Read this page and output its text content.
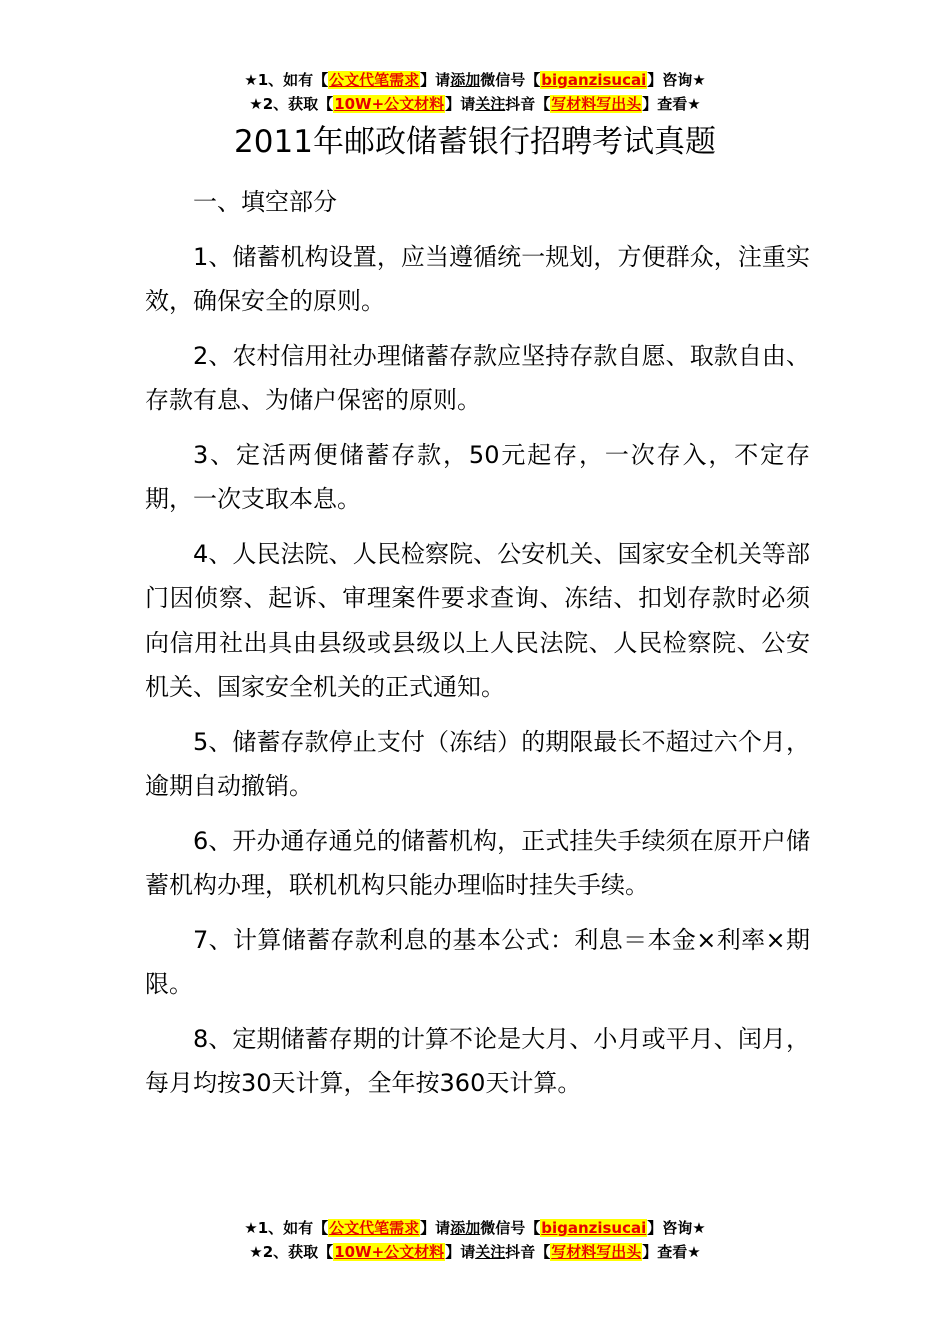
★1、如有【公文代笔需求】请添加微信号【biganzisucai】咨询★
★2、获取【10W+公文材料】请关注抖音【写材料写出头】查看★
2011年邮政储蓄银行招聘考试真题

一、填空部分

1、储蓄机构设置，应当遵循统一规划，方便群众，注重实效，确保安全的原则。

2、农村信用社办理储蓄存款应坚持存款自愿、取款自由、存款有息、为储户保密的原则。

3、定活两便储蓄存款，50元起存，一次存入，不定存期，一次支取本息。

4、人民法院、人民检察院、公安机关、国家安全机关等部门因侦察、起诉、审理案件要求查询、冻结、扣划存款时必须向信用社出具由县级或县级以上人民法院、人民检察院、公安机关、国家安全机关的正式通知。

5、储蓄存款停止支付（冻结）的期限最长不超过六个月，逾期自动撤销。

6、开办通存通兑的储蓄机构，正式挂失手续须在原开户储蓄机构办理，联机机构只能办理临时挂失手续。

7、计算储蓄存款利息的基本公式：利息＝本金×利率×期限。

8、定期储蓄存期的计算不论是大月、小月或平月、闰月，每月均按30天计算，全年按360天计算。

★1、如有【公文代笔需求】请添加微信号【biganzisucai】咨询★
★2、获取【10W+公文材料】请关注抖音【写材料写出头】查看★
